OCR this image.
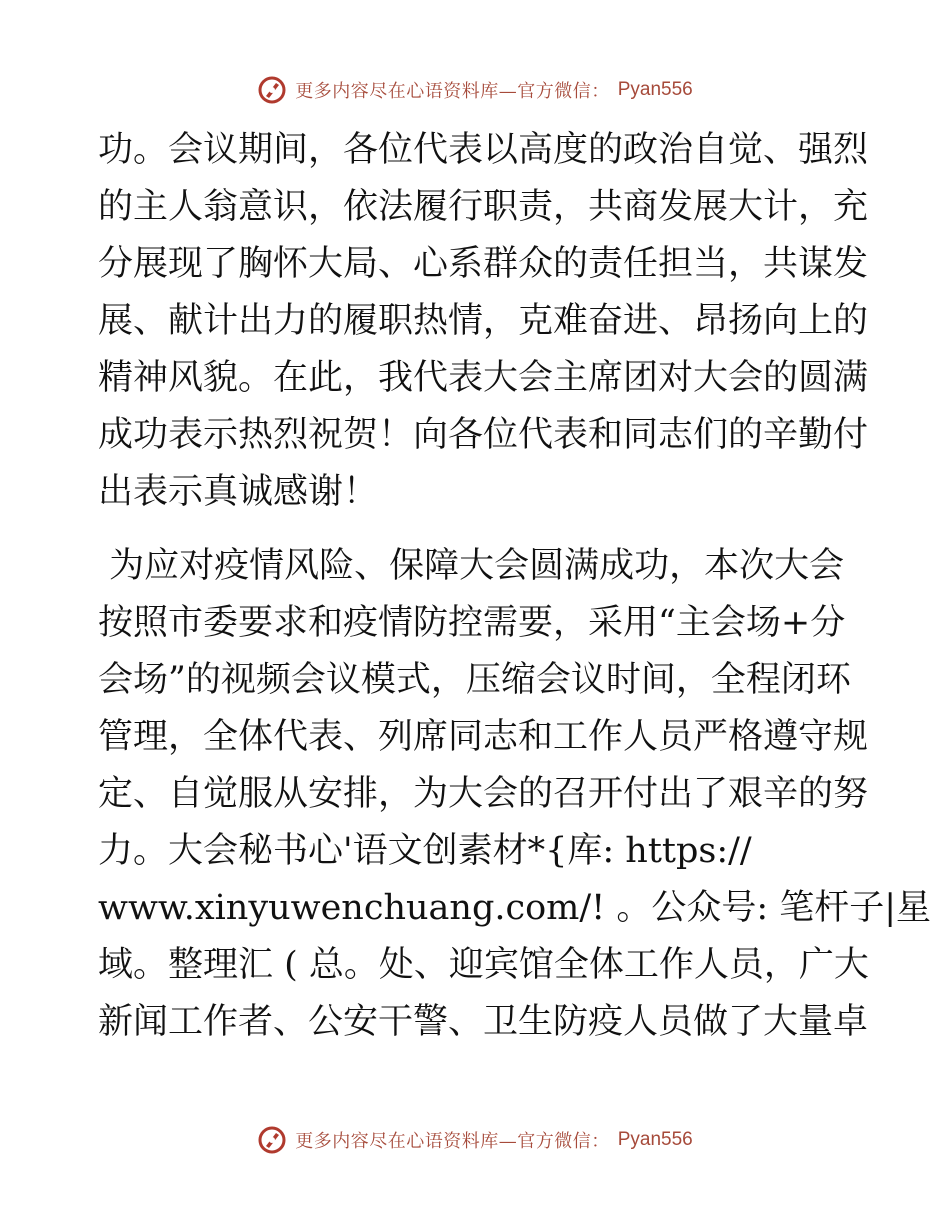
更多内容尽在心语资料库—官方微信： Pyan556
功。会议期间，各位代表以高度的政治自觉、强烈
的主人翁意识，依法履行职责，共商发展大计，充
分展现了胸怀大局、心系群众的责任担当，共谋发
展、献计出力的履职热情，克难奋进、昂扬向上的
精神风貌。在此，我代表大会主席团对大会的圆满
成功表示热烈祝贺！向各位代表和同志们的辛勤付
出表示真诚感谢！
为应对疫情风险、保障大会圆满成功，本次大会
按照市委要求和疫情防控需要，采用“主会场+分
会场”的视频会议模式，压缩会议时间，全程闭环
管理，全体代表、列席同志和工作人员严格遵守规
定、自觉服从安排，为大会的召开付出了艰辛的努
力。大会秘书心'语文创素材*{库: https://
www.xinyuwenchuang.com/! 。公众号: 笔杆子|星
域。整理汇 ( 总。处、迎宾馆全体工作人员，广大
新闻工作者、公安干警、卫生防疫人员做了大量卓
更多内容尽在心语资料库—官方微信： Pyan556
